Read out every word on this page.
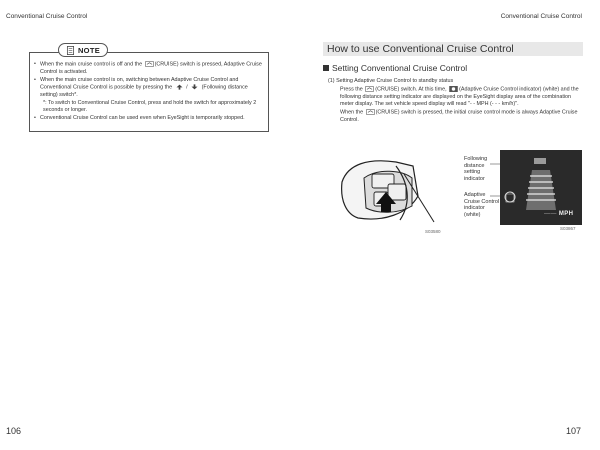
Conventional Cruise Control	Conventional Cruise Control
NOTE
• When the main cruise control is off and the (CRUISE) switch is pressed, Adaptive Cruise Control is activated.
• When the main cruise control is on, switching between Adaptive Cruise Control and Conventional Cruise Control is possible by pressing the  /  (Following distance setting) switch*.
*: To switch to Conventional Cruise Control, press and hold the switch for approximately 2 seconds or longer.
• Conventional Cruise Control can be used even when EyeSight is temporarily stopped.
How to use Conventional Cruise Control
Setting Conventional Cruise Control
(1) Setting Adaptive Cruise Control to standby status
Press the (CRUISE) switch. At this time, (Adaptive Cruise Control indicator) (white) and the following distance setting indicator are displayed on the EyeSight display area of the combination meter display. The set vehicle speed display will read "- - MPH (- - - km/h)".
When the (CRUISE) switch is pressed, the initial cruise control mode is always Adaptive Cruise Control.
S03580
Following distance setting indicator
Adaptive Cruise Control indicator (white)	—— MPH
S03867
106	107
